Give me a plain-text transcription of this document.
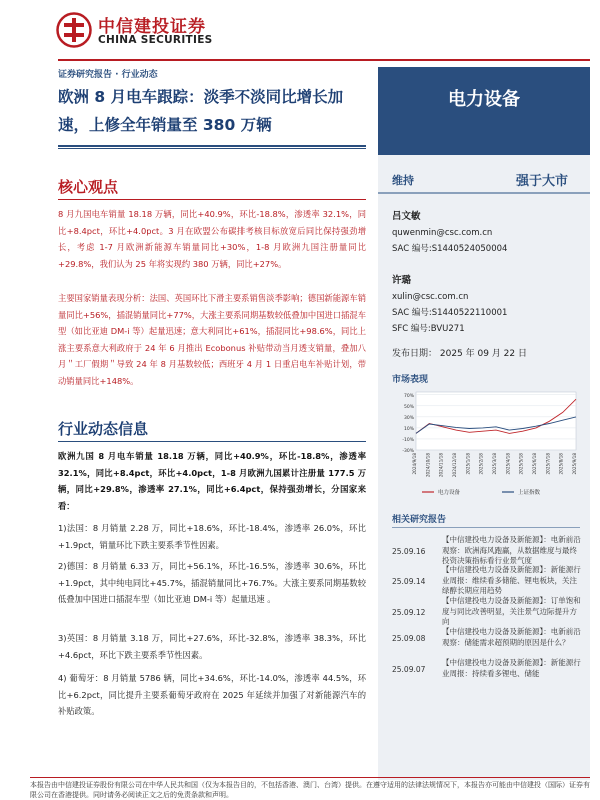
中信建投证券
CHINA SECURITIES
证券研究报告 · 行业动态
欧洲 8 月电车跟踪：淡季不淡同比增长加速，上修全年销量至 380 万辆
电力设备
维持	强于大市
吕文敏
quwenmin@csc.com.cn
SAC 编号:S1440524050004
许璐
xulin@csc.com.cn
SAC 编号:S1440522110001
SFC 编号:BVU271
发布日期： 2025 年 09 月 22 日
市场表现
70%
50%
30%
10%
-10%
-30%
2024/9/18 2024/10/18 2024/11/18 2024/12/18 2025/1/18 2025/2/18 2025/3/18 2025/4/18 2025/5/18 2025/6/18 2025/7/18 2025/8/18 2025/9/18
电力设备	上证指数
相关研究报告
25.09.16
【中信建投电力设备及新能源】：电新前沿观察：欧洲海风跑赢，从数据维度与最终投资决策指标看行业景气度
25.09.14
【中信建投电力设备及新能源】：新能源行业周报：维续看多储能、锂电板块，关注绿醇长期应用趋势
25.09.12
【中信建投电力设备及新能源】：订单饱和度与同比改善明显，关注景气边际提升方向
25.09.08
【中信建投电力设备及新能源】：电新前沿观察：储能需求超预期的原因是什么？
25.09.07
【中信建投电力设备及新能源】：新能源行业周报：持续看多锂电、储能
核心观点
8 月九国电车销量 18.18 万辆，同比+40.9%，环比-18.8%，渗透率 32.1%，同比+8.4pct，环比+4.0pct。3 月在欧盟公布碳排考核目标放宽后同比保持强劲增长，考虑 1-7 月欧洲新能源车销量同比+30%，1-8 月欧洲九国注册量同比+29.8%，我们认为 25 年将实现约 380 万辆，同比+27%。
主要国家销量表现分析：法国、英国环比下滑主要系销售淡季影响；德国新能源车销量同比+56%，插混销量同比+77%，大涨主要系同期基数较低叠加中国进口插混车型（如比亚迪 DM-i 等）起量迅速；意大利同比+61%，插混同比+98.6%，同比上涨主要系意大利政府于 24 年 6 月推出 Ecobonus 补贴带动当月透支销量，叠加八月＂工厂假期＂导致 24 年 8 月基数较低；西班牙 4 月 1 日重启电车补贴计划，带动销量同比+148%。
行业动态信息
欧洲九国 8 月电车销量 18.18 万辆，同比+40.9%，环比-18.8%，渗透率 32.1%，同比+8.4pct，环比+4.0pct，1-8 月欧洲九国累计注册量 177.5 万辆，同比+29.8%，渗透率 27.1%，同比+6.4pct，保持强劲增长，分国家来看：
1)法国：8 月销量 2.28 万，同比+18.6%，环比-18.4%，渗透率 26.0%，环比+1.9pct，销量环比下跌主要系季节性因素。
2)德国：8 月销量 6.33 万，同比+56.1%，环比-16.5%，渗透率 30.6%，环比+1.9pct，其中纯电同比+45.7%，插混销量同比+76.7%。大涨主要系同期基数较低叠加中国进口插混车型（如比亚迪 DM-i 等）起量迅速 。
3)英国：8 月销量 3.18 万，同比+27.6%，环比-32.8%，渗透率 38.3%，环比+4.6pct，环比下跌主要系季节性因素。
4) 葡萄牙：8 月销量 5786 辆，同比+34.6%，环比-14.0%，渗透率 44.5%，环比+6.2pct，同比提升主要系葡萄牙政府在 2025 年延续并加强了对新能源汽车的补贴政策。
本报告由中信建投证券股份有限公司在中华人民共和国（仅为本报告目的，不包括香港、澳门、台湾）提供。在遵守适用的法律法规情况下，本报告亦可能由中信建投（国际）证券有限公司在香港提供。同时请务必阅读正文之后的免责条款和声明。
